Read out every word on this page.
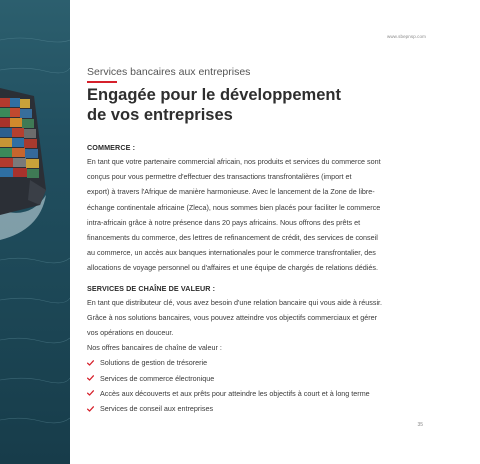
www.sbepnsp.com

Services bancaires aux entreprises

Engagée pour le développement
de vos entreprises

COMMERCE :

En tant que votre partenaire commercial africain, nos produits et services du commerce sont
conçus pour vous permettre d'effectuer des transactions transfrontalières (import et
export) à travers l'Afrique de manière harmonieuse. Avec le lancement de la Zone de libre-
échange continentale africaine (Zleca), nous sommes bien placés pour faciliter le commerce
intra-africain grâce à notre présence dans 20 pays africains. Nous offrons des prêts et
financements du commerce, des lettres de refinancement de crédit, des services de conseil
au commerce, un accès aux banques internationales pour le commerce transfrontalier, des
allocations de voyage personnel ou d'affaires et une équipe de chargés de relations dédiés.

SERVICES DE CHAÎNE DE VALEUR :

En tant que distributeur clé, vous avez besoin d'une relation bancaire qui vous aide à réussir.
Grâce à nos solutions bancaires, vous pouvez atteindre vos objectifs commerciaux et gérer
vos opérations en douceur.
Nos offres bancaires de chaîne de valeur :

Solutions de gestion de trésorerie
Services de commerce électronique
Accès aux découverts et aux prêts pour atteindre les objectifs à court et à long terme
Services de conseil aux entreprises
35
